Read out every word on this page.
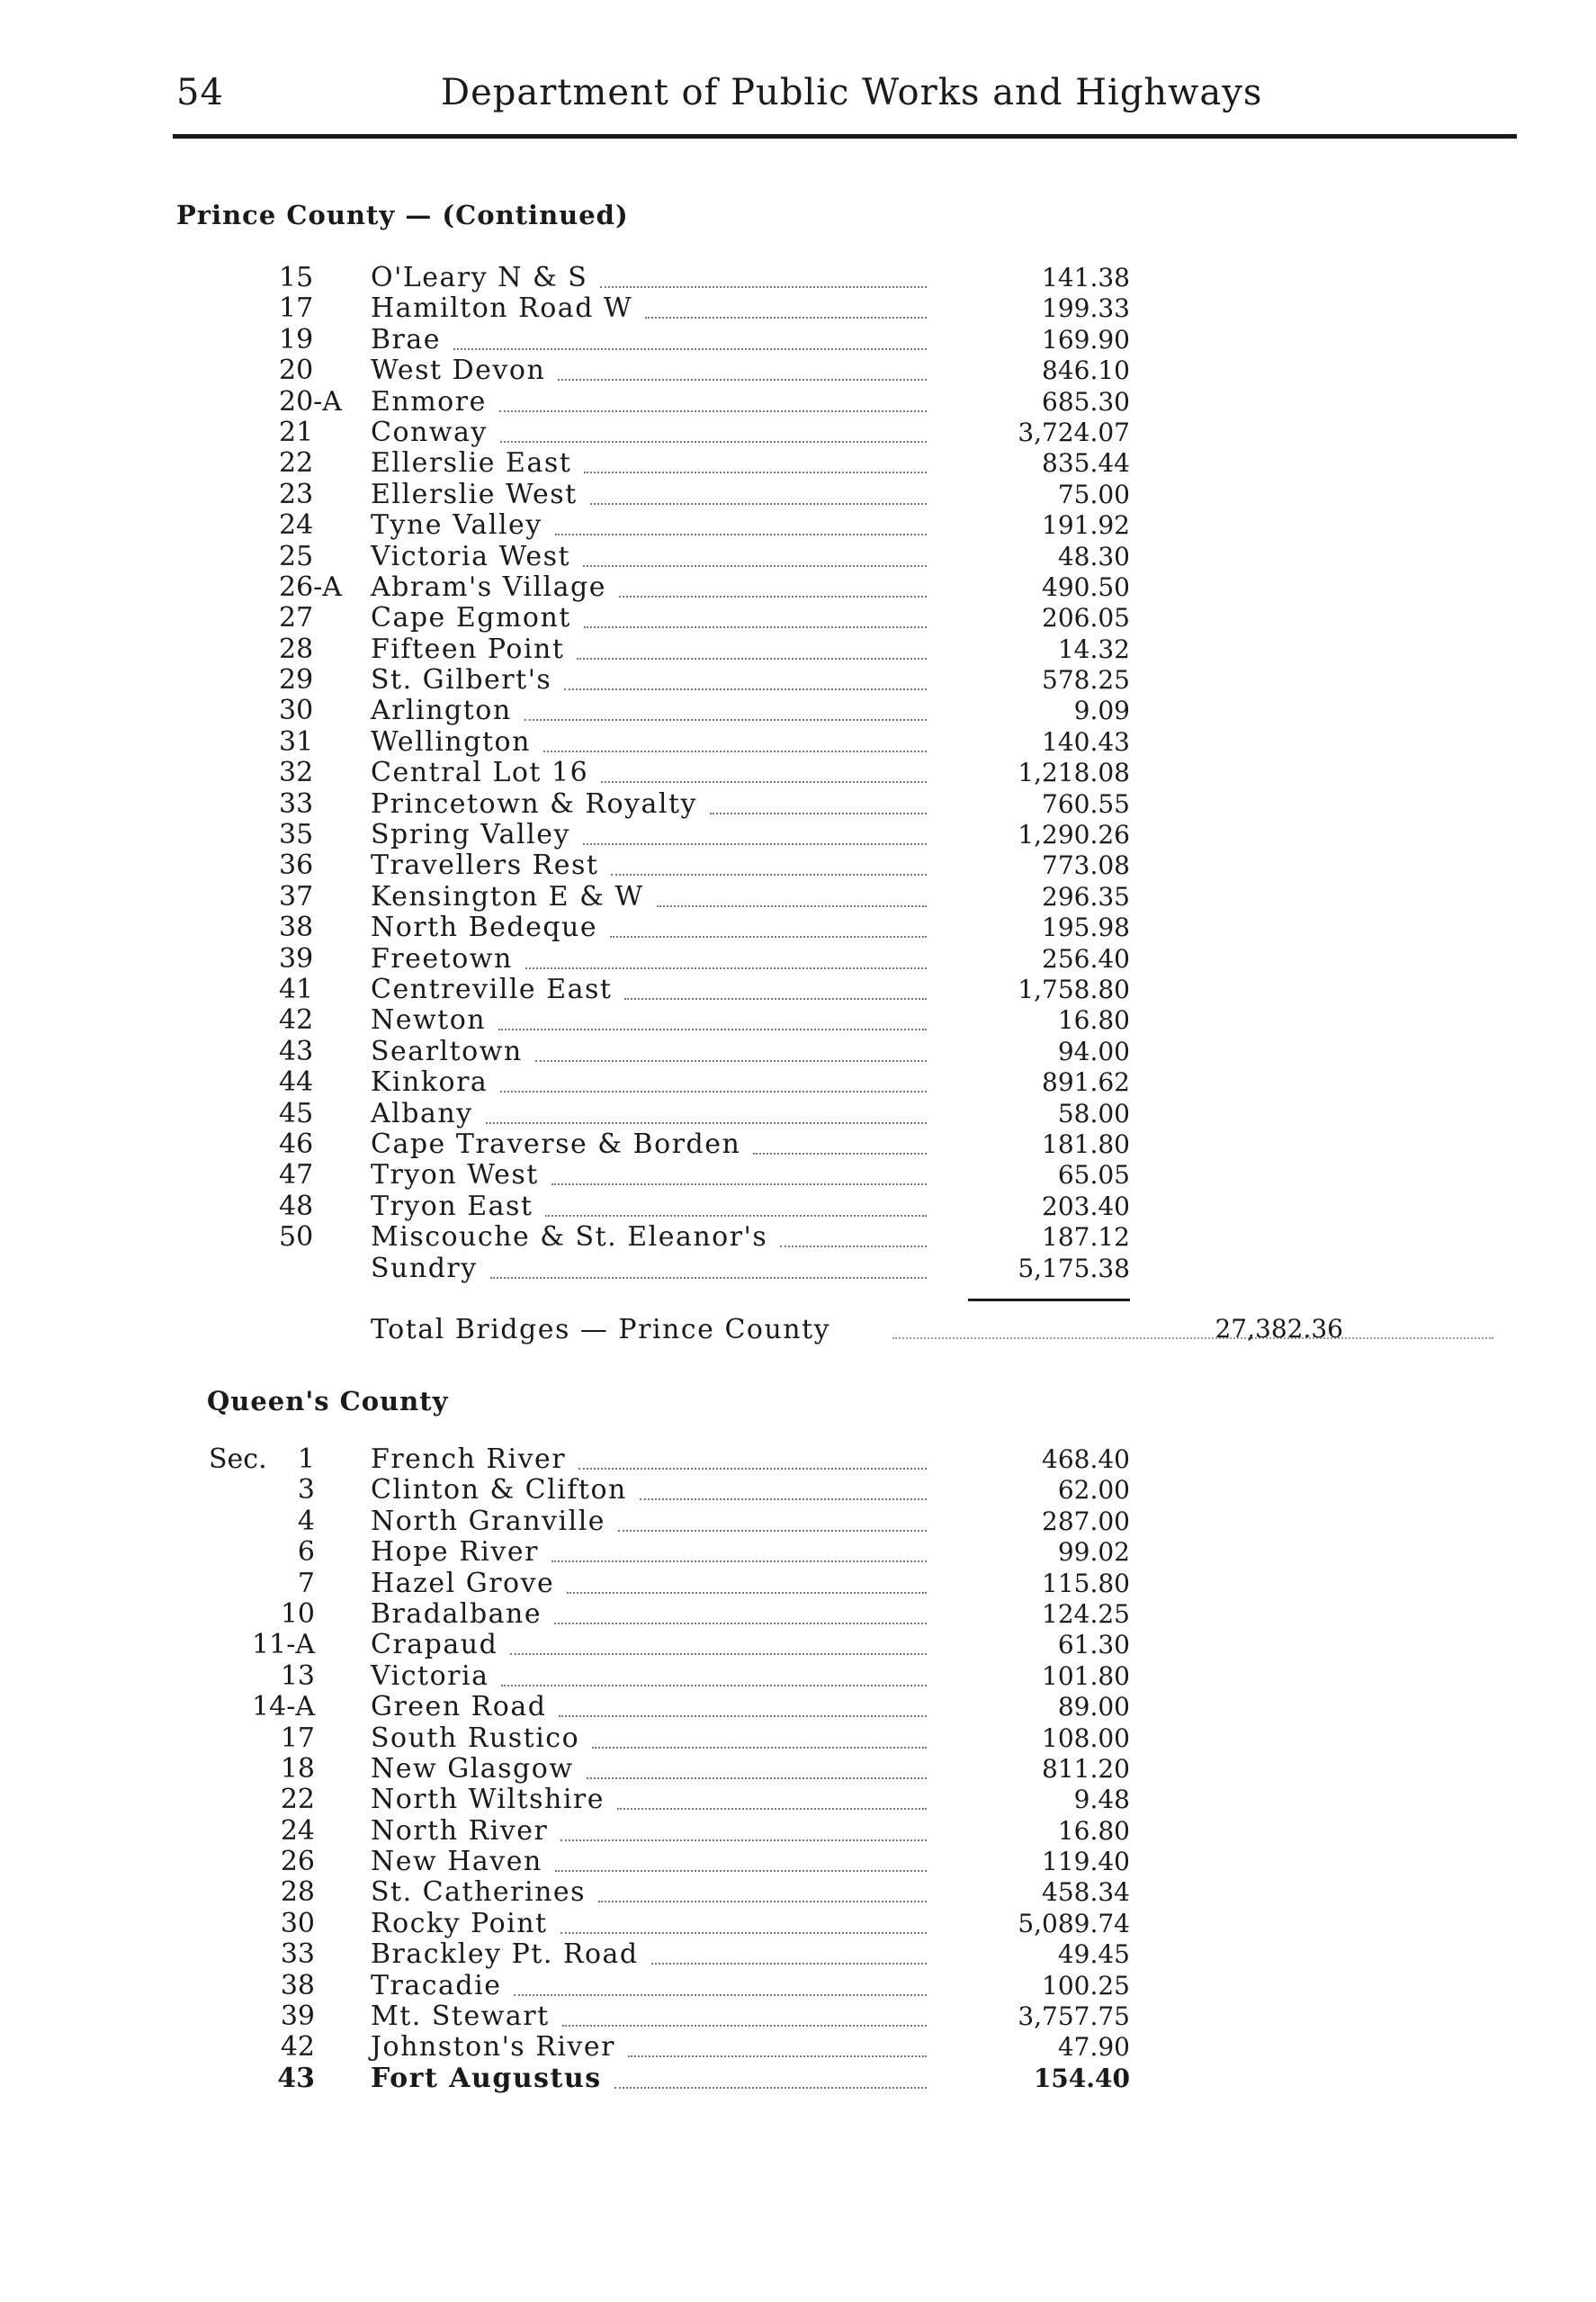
54	Department of Public Works and Highways
Prince County — (Continued)
15 O'Leary N & S	141.38
17 Hamilton Road W	199.33
19 Brae	169.90
20 West Devon	846.10
20-A Enmore	685.30
21 Conway	3,724.07
22 Ellerslie East	835.44
23 Ellerslie West	75.00
24 Tyne Valley	191.92
25 Victoria West	48.30
26-A Abram's Village	490.50
27 Cape Egmont	206.05
28 Fifteen Point	14.32
29 St. Gilbert's	578.25
30 Arlington	9.09
31 Wellington	140.43
32 Central Lot 16	1,218.08
33 Princetown & Royalty	760.55
35 Spring Valley	1,290.26
36 Travellers Rest	773.08
37 Kensington E & W	296.35
38 North Bedeque	195.98
39 Freetown	256.40
41 Centreville East	1,758.80
42 Newton	16.80
43 Searltown	94.00
44 Kinkora	891.62
45 Albany	58.00
46 Cape Traverse & Borden	181.80
47 Tryon West	65.05
48 Tryon East	203.40
50 Miscouche & St. Eleanor's	187.12
Sundry	5,175.38
Total Bridges — Prince County	27,382.36
Queen's County
Sec. 1 French River	468.40
3 Clinton & Clifton	62.00
4 North Granville	287.00
6 Hope River	99.02
7 Hazel Grove	115.80
10 Bradalbane	124.25
11-A Crapaud	61.30
13 Victoria	101.80
14-A Green Road	89.00
17 South Rustico	108.00
18 New Glasgow	811.20
22 North Wiltshire	9.48
24 North River	16.80
26 New Haven	119.40
28 St. Catherines	458.34
30 Rocky Point	5,089.74
33 Brackley Pt. Road	49.45
38 Tracadie	100.25
39 Mt. Stewart	3,757.75
42 Johnston's River	47.90
43 Fort Augustus	154.40
